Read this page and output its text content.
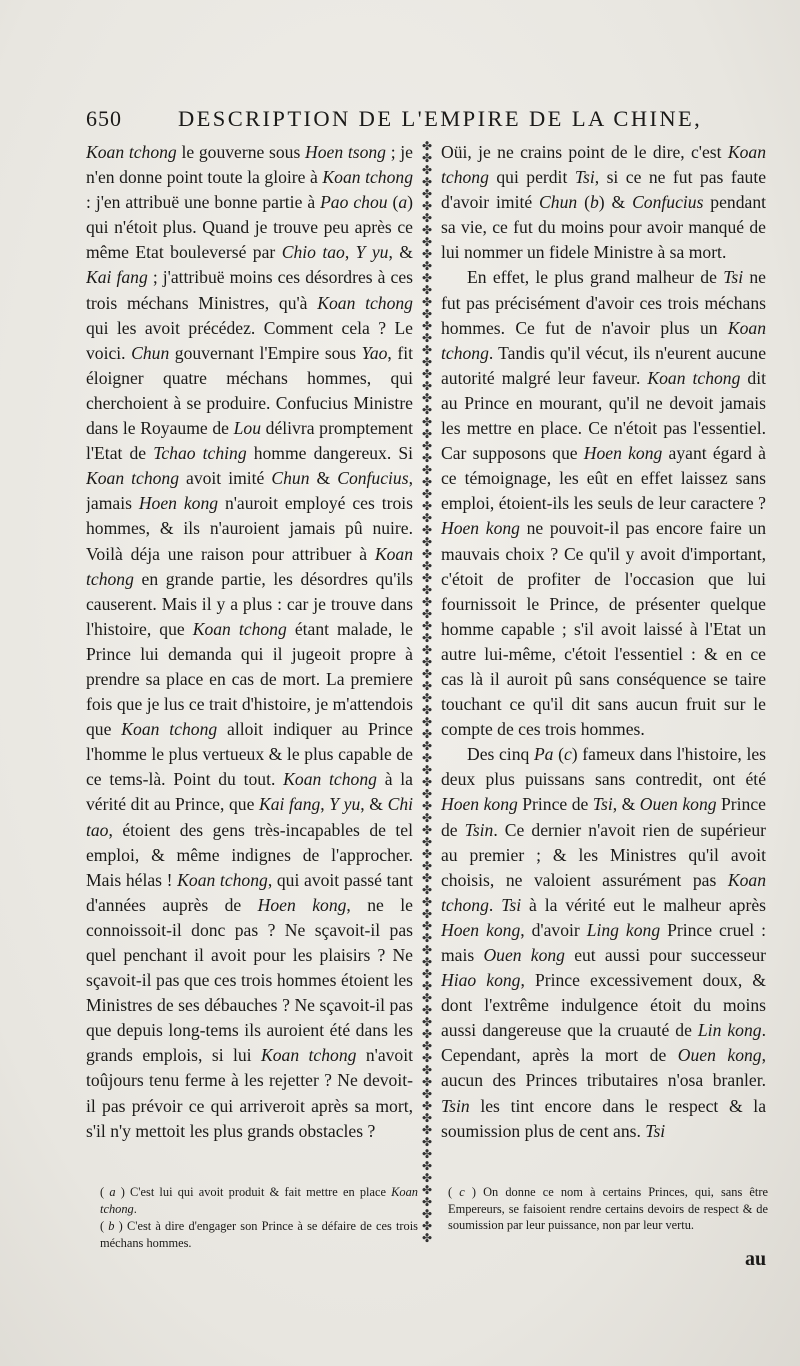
650	DESCRIPTION DE L'EMPIRE DE LA CHINE,

Koan tchong le gouverne sous Hoen tsong ; je n'en donne point toute la gloire à Koan tchong : j'en attribuë une bonne partie à Pao chou (a) qui n'étoit plus. Quand je trouve peu après ce même Etat bouleversé par Chio tao, Y yu, & Kai fang ; j'attribuë moins ces désordres à ces trois méchans Ministres, qu'à Koan tchong qui les avoit précédez. Comment cela ? Le voici. Chun gouvernant l'Empire sous Yao, fit éloigner quatre méchans hommes, qui cherchoient à se produire. Confucius Ministre dans le Royaume de Lou délivra promptement l'Etat de Tchao tching homme dangereux. Si Koan tchong avoit imité Chun & Confucius, jamais Hoen kong n'auroit employé ces trois hommes, & ils n'auroient jamais pû nuire. Voilà déja une raison pour attribuer à Koan tchong en grande partie, les désordres qu'ils causerent. Mais il y a plus : car je trouve dans l'histoire, que Koan tchong étant malade, le Prince lui demanda qui il jugeoit propre à prendre sa place en cas de mort. La premiere fois que je lus ce trait d'histoire, je m'attendois que Koan tchong alloit indiquer au Prince l'homme le plus vertueux & le plus capable de ce tems-là. Point du tout. Koan tchong à la vérité dit au Prince, que Kai fang, Y yu, & Chi tao, étoient des gens très-incapables de tel emploi, & même indignes de l'approcher. Mais hélas ! Koan tchong, qui avoit passé tant d'années auprès de Hoen kong, ne le connoissoit-il donc pas ? Ne sçavoit-il pas quel penchant il avoit pour les plaisirs ? Ne sçavoit-il pas que ces trois hommes étoient les Ministres de ses débauches ? Ne sçavoit-il pas que depuis long-tems ils auroient été dans les grands emplois, si lui Koan tchong n'avoit toûjours tenu ferme à les rejetter ? Ne devoit-il pas prévoir ce qui arriveroit après sa mort, s'il n'y mettoit les plus grands obstacles ?

✤✤✤✤✤✤✤✤✤✤✤✤✤✤✤✤✤✤✤✤✤✤✤✤✤✤✤✤✤✤✤✤✤✤✤✤✤✤✤✤✤✤✤✤✤✤✤✤✤✤✤✤✤✤✤✤✤✤✤✤✤✤✤✤✤✤✤✤✤✤✤✤✤✤✤✤✤✤✤✤✤✤✤✤✤✤✤✤✤✤✤✤

Oüi, je ne crains point de le dire, c'est Koan tchong qui perdit Tsi, si ce ne fut pas faute d'avoir imité Chun (b) & Confucius pendant sa vie, ce fut du moins pour avoir manqué de lui nommer un fidele Ministre à sa mort.

En effet, le plus grand malheur de Tsi ne fut pas précisément d'avoir ces trois méchans hommes. Ce fut de n'avoir plus un Koan tchong. Tandis qu'il vécut, ils n'eurent aucune autorité malgré leur faveur. Koan tchong dit au Prince en mourant, qu'il ne devoit jamais les mettre en place. Ce n'étoit pas l'essentiel. Car supposons que Hoen kong ayant égard à ce témoignage, les eût en effet laissez sans emploi, étoient-ils les seuls de leur caractere ? Hoen kong ne pouvoit-il pas encore faire un mauvais choix ? Ce qu'il y avoit d'important, c'étoit de profiter de l'occasion que lui fournissoit le Prince, de présenter quelque homme capable ; s'il avoit laissé à l'Etat un autre lui-même, c'étoit l'essentiel : & en ce cas là il auroit pû sans conséquence se taire touchant ce qu'il dit sans aucun fruit sur le compte de ces trois hommes.

Des cinq Pa (c) fameux dans l'histoire, les deux plus puissans sans contredit, ont été Hoen kong Prince de Tsi, & Ouen kong Prince de Tsin. Ce dernier n'avoit rien de supérieur au premier ; & les Ministres qu'il avoit choisis, ne valoient assurément pas Koan tchong. Tsi à la vérité eut le malheur après Hoen kong, d'avoir Ling kong Prince cruel : mais Ouen kong eut aussi pour successeur Hiao kong, Prince excessivement doux, & dont l'extrême indulgence étoit du moins aussi dangereuse que la cruauté de Lin kong. Cependant, après la mort de Ouen kong, aucun des Princes tributaires n'osa branler. Tsin les tint encore dans le respect & la soumission plus de cent ans. Tsi

( a ) C'est lui qui avoit produit & fait mettre en place Koan tchong.

( b ) C'est à dire d'engager son Prince à se défaire de ces trois méchans hommes.

( c ) On donne ce nom à certains Princes, qui, sans être Empereurs, se faisoient rendre certains devoirs de respect & de soumission par leur puissance, non par leur vertu.

au
